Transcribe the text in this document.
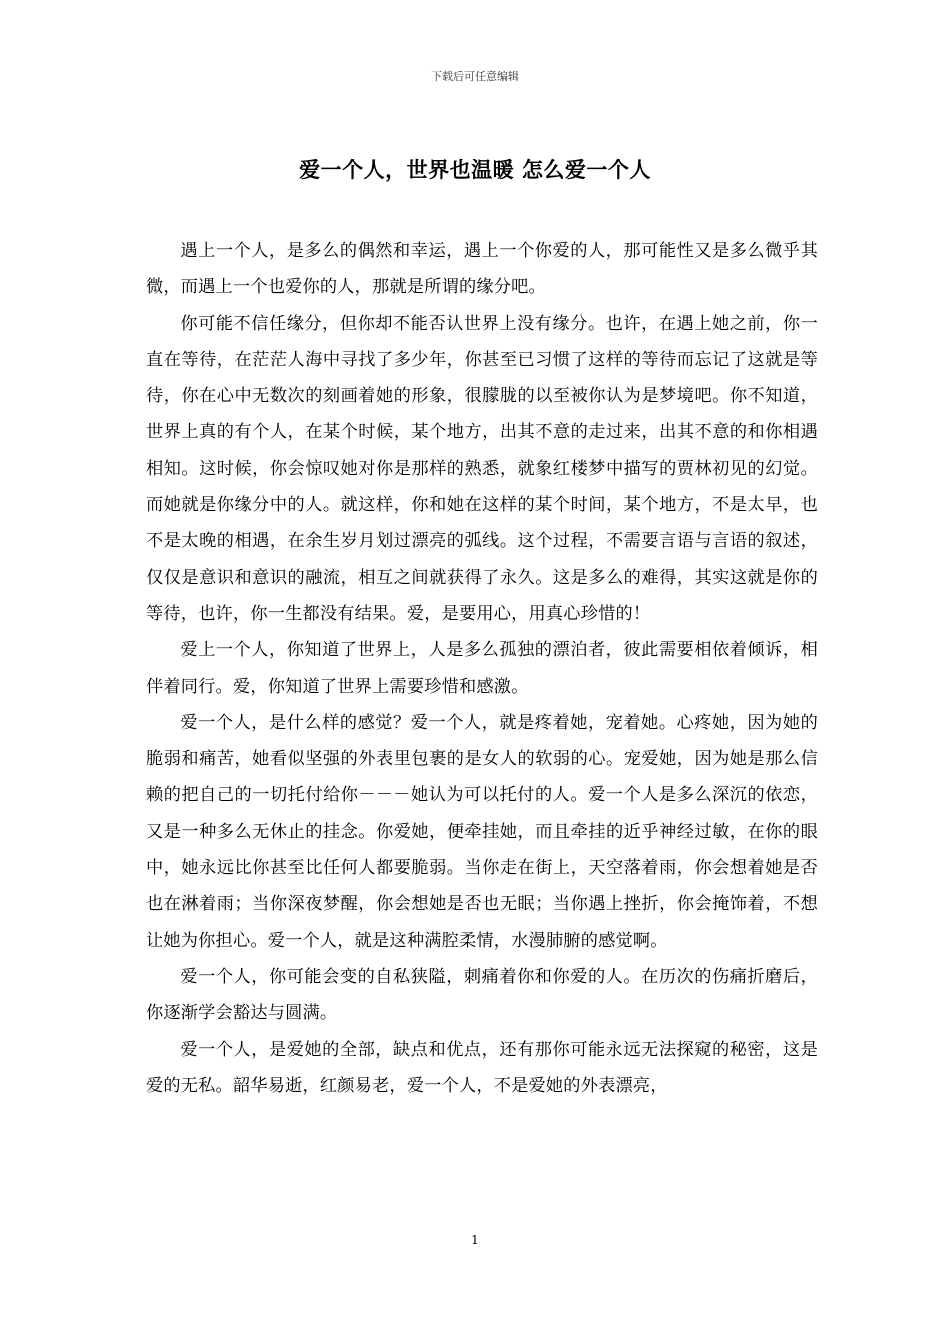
下载后可任意编辑
爱一个人，世界也温暖 怎么爱一个人

遇上一个人，是多么的偶然和幸运，遇上一个你爱的人，那可能性又是多么微乎其微，而遇上一个也爱你的人，那就是所谓的缘分吧。

你可能不信任缘分，但你却不能否认世界上没有缘分。也许，在遇上她之前，你一直在等待，在茫茫人海中寻找了多少年，你甚至已习惯了这样的等待而忘记了这就是等待，你在心中无数次的刻画着她的形象，很朦胧的以至被你认为是梦境吧。你不知道，世界上真的有个人，在某个时候，某个地方，出其不意的走过来，出其不意的和你相遇相知。这时候，你会惊叹她对你是那样的熟悉，就象红楼梦中描写的贾林初见的幻觉。而她就是你缘分中的人。就这样，你和她在这样的某个时间，某个地方，不是太早，也不是太晚的相遇，在余生岁月划过漂亮的弧线。这个过程，不需要言语与言语的叙述，仅仅是意识和意识的融流，相互之间就获得了永久。这是多么的难得，其实这就是你的等待，也许，你一生都没有结果。爱，是要用心，用真心珍惜的！

爱上一个人，你知道了世界上，人是多么孤独的漂泊者，彼此需要相依着倾诉，相伴着同行。爱，你知道了世界上需要珍惜和感激。

爱一个人，是什么样的感觉？爱一个人，就是疼着她，宠着她。心疼她，因为她的脆弱和痛苦，她看似坚强的外表里包裹的是女人的软弱的心。宠爱她，因为她是那么信赖的把自己的一切托付给你－－－她认为可以托付的人。爱一个人是多么深沉的依恋，又是一种多么无休止的挂念。你爱她，便牵挂她，而且牵挂的近乎神经过敏，在你的眼中，她永远比你甚至比任何人都要脆弱。当你走在街上，天空落着雨，你会想着她是否也在淋着雨；当你深夜梦醒，你会想她是否也无眠；当你遇上挫折，你会掩饰着，不想让她为你担心。爱一个人，就是这种满腔柔情，水漫肺腑的感觉啊。

爱一个人，你可能会变的自私狭隘，刺痛着你和你爱的人。在历次的伤痛折磨后，你逐渐学会豁达与圆满。

爱一个人，是爱她的全部，缺点和优点，还有那你可能永远无法探窥的秘密，这是爱的无私。韶华易逝，红颜易老，爱一个人，不是爱她的外表漂亮，

1
